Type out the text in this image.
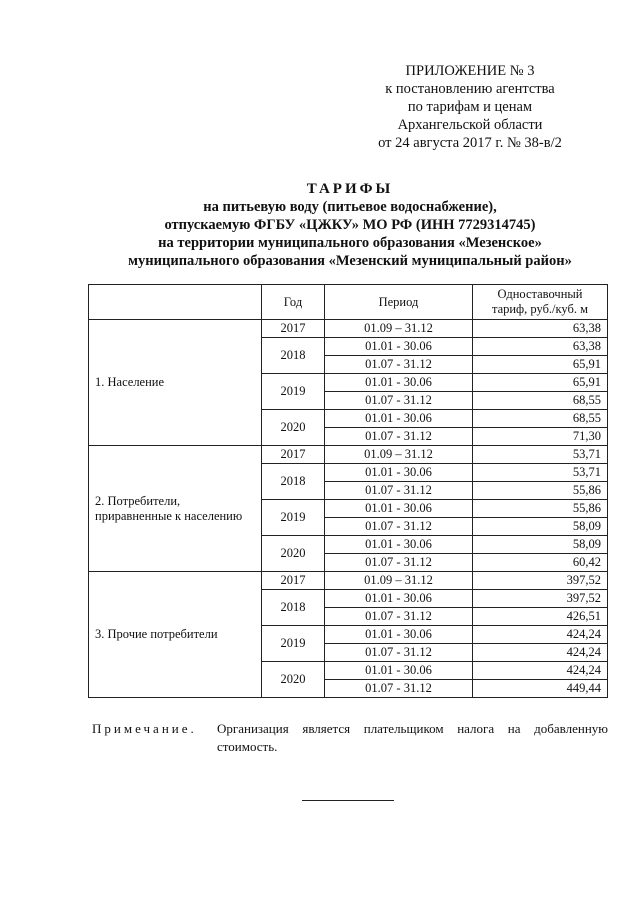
ПРИЛОЖЕНИЕ № 3
к постановлению агентства
по тарифам и ценам
Архангельской области
от 24 августа 2017 г. № 38-в/2
ТАРИФЫ
на питьевую воду (питьевое водоснабжение),
отпускаемую ФГБУ «ЦЖКУ» МО РФ (ИНН 7729314745)
на территории муниципального образования «Мезенское»
муниципального образования «Мезенский муниципальный район»
	Год	Период	Одноставочный тариф, руб./куб. м
1. Население	2017	01.09 – 31.12	63,38
	2018	01.01 - 30.06	63,38
		01.07 - 31.12	65,91
	2019	01.01 - 30.06	65,91
		01.07 - 31.12	68,55
	2020	01.01 - 30.06	68,55
		01.07 - 31.12	71,30
2. Потребители, приравненные к населению	2017	01.09 – 31.12	53,71
	2018	01.01 - 30.06	53,71
		01.07 - 31.12	55,86
	2019	01.01 - 30.06	55,86
		01.07 - 31.12	58,09
	2020	01.01 - 30.06	58,09
		01.07 - 31.12	60,42
3. Прочие потребители	2017	01.09 – 31.12	397,52
	2018	01.01 - 30.06	397,52
		01.07 - 31.12	426,51
	2019	01.01 - 30.06	424,24
		01.07 - 31.12	424,24
	2020	01.01 - 30.06	424,24
		01.07 - 31.12	449,44
Примечание. Организация является плательщиком налога на добавленную стоимость.
